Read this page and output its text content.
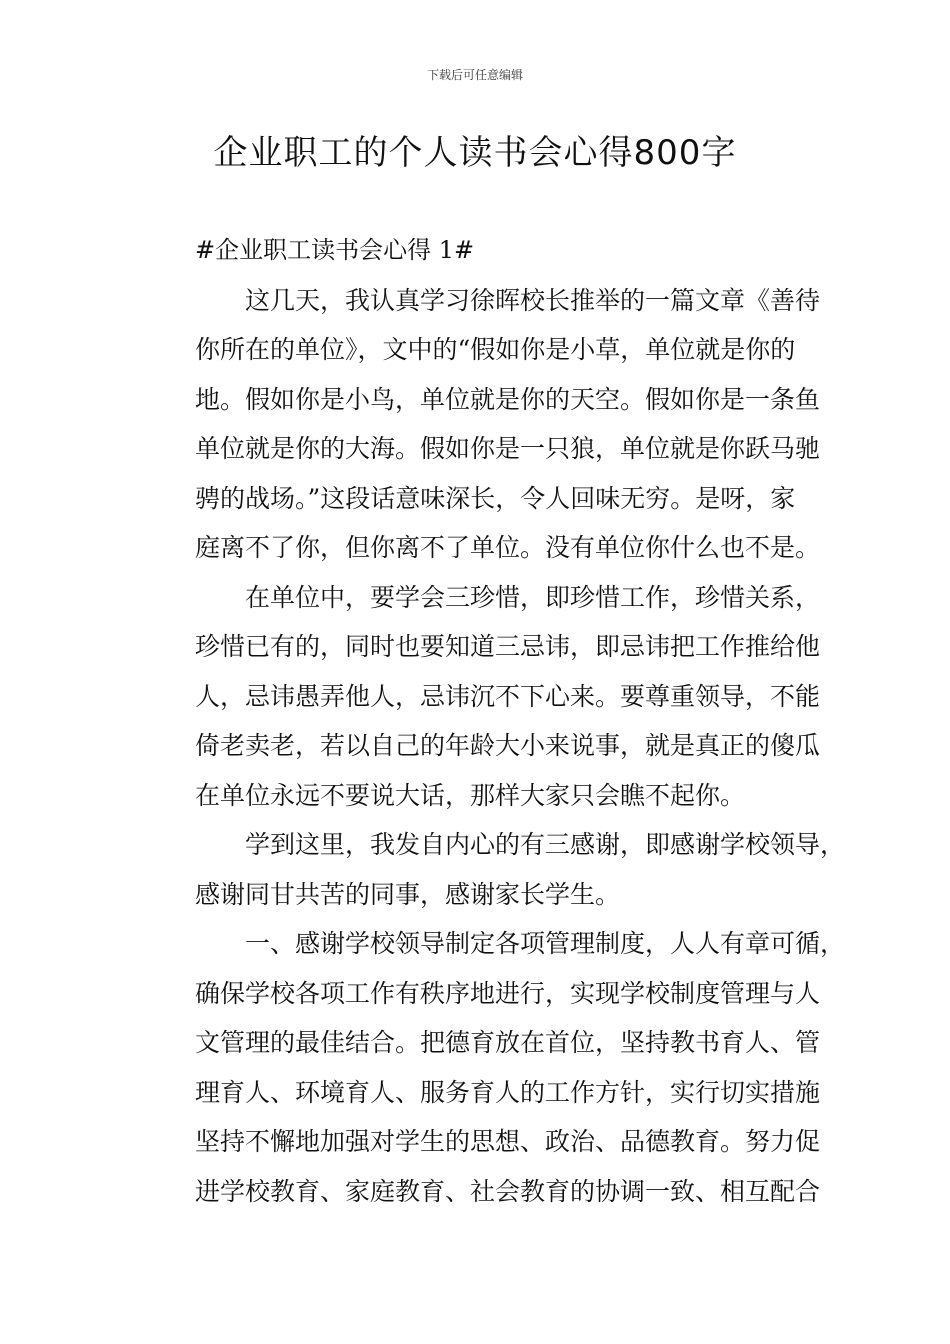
下载后可任意编辑
企业职工的个人读书会心得800字
#企业职工读书会心得 1#
这几天，我认真学习徐晖校长推举的一篇文章《善待
你所在的单位》，文中的“假如你是小草，单位就是你的
地。假如你是小鸟，单位就是你的天空。假如你是一条鱼
单位就是你的大海。假如你是一只狼，单位就是你跃马驰
骋的战场。”这段话意味深长，令人回味无穷。是呀，家
庭离不了你，但你离不了单位。没有单位你什么也不是。
在单位中，要学会三珍惜，即珍惜工作，珍惜关系，
珍惜已有的，同时也要知道三忌讳，即忌讳把工作推给他
人，忌讳愚弄他人，忌讳沉不下心来。要尊重领导，不能
倚老卖老，若以自己的年龄大小来说事，就是真正的傻瓜
在单位永远不要说大话，那样大家只会瞧不起你。
学到这里，我发自内心的有三感谢，即感谢学校领导，
感谢同甘共苦的同事，感谢家长学生。
一、感谢学校领导制定各项管理制度，人人有章可循，
确保学校各项工作有秩序地进行，实现学校制度管理与人
文管理的最佳结合。把德育放在首位，坚持教书育人、管
理育人、环境育人、服务育人的工作方针，实行切实措施
坚持不懈地加强对学生的思想、政治、品德教育。努力促
进学校教育、家庭教育、社会教育的协调一致、相互配合
